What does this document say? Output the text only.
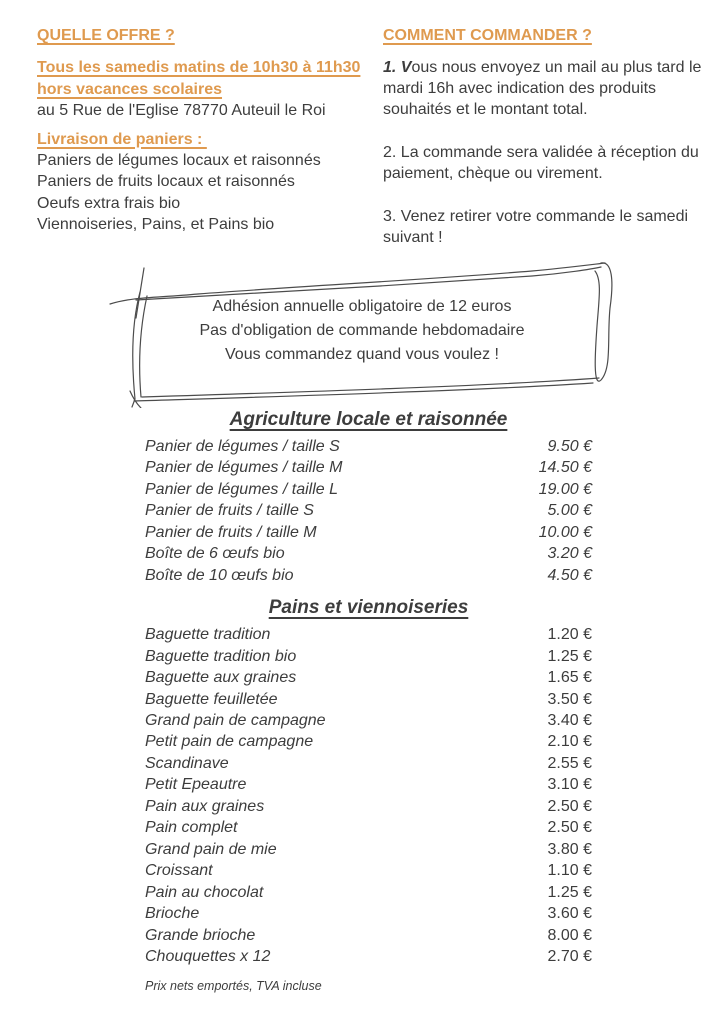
QUELLE OFFRE ?
Tous les samedis matins de 10h30 à 11h30
hors vacances scolaires
au 5 Rue de l'Eglise 78770 Auteuil le Roi
Livraison de paniers :
Paniers de légumes locaux et raisonnés
Paniers de fruits locaux et raisonnés
Oeufs extra frais bio
Viennoiseries, Pains, et Pains bio
COMMENT COMMANDER ?
1. Vous nous envoyez un mail au plus tard le
mardi 16h avec indication des produits
souhaités et le montant total.
2. La commande sera validée à réception du
paiement, chèque ou virement.
3. Venez retirer votre commande le samedi
suivant !
Adhésion annuelle obligatoire de 12 euros
Pas d'obligation de commande hebdomadaire
Vous commandez quand vous voulez !
Agriculture locale et raisonnée
Panier de légumes / taille S	9.50 €
Panier de légumes / taille M	14.50 €
Panier de légumes / taille L	19.00 €
Panier de fruits / taille S	5.00 €
Panier de fruits / taille M	10.00 €
Boîte de 6 œufs bio	3.20 €
Boîte de 10 œufs bio	4.50 €
Pains et viennoiseries
Baguette tradition	1.20 €
Baguette tradition bio	1.25 €
Baguette aux graines	1.65 €
Baguette feuilletée	3.50 €
Grand pain de campagne	3.40 €
Petit pain de campagne	2.10 €
Scandinave	2.55 €
Petit Epeautre	3.10 €
Pain aux graines	2.50 €
Pain complet	2.50 €
Grand pain de mie	3.80 €
Croissant	1.10 €
Pain au chocolat	1.25 €
Brioche	3.60 €
Grande brioche	8.00 €
Chouquettes x 12	2.70 €
Prix nets emportés, TVA incluse
